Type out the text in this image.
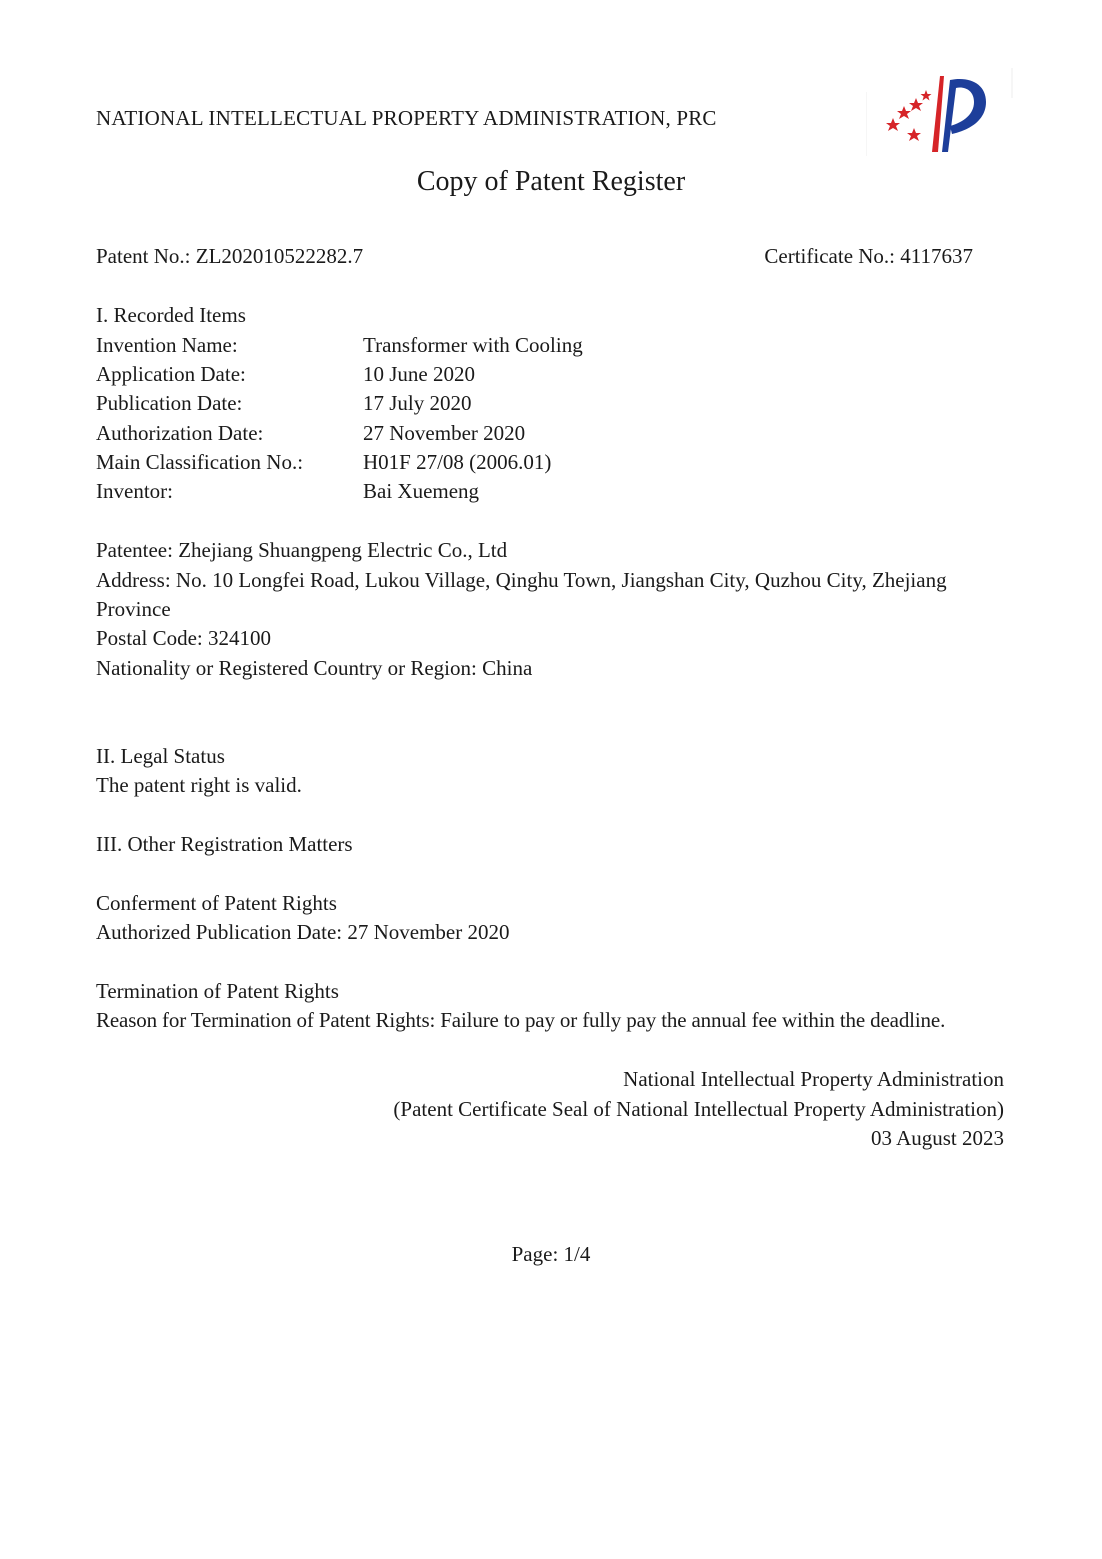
NATIONAL INTELLECTUAL PROPERTY ADMINISTRATION, PRC
Copy of Patent Register
Patent No.: ZL202010522282.7	Certificate No.: 4117637
I. Recorded Items
Invention Name:	Transformer with Cooling
Application Date:	10 June 2020
Publication Date:	17 July 2020
Authorization Date:	27 November 2020
Main Classification No.:	H01F 27/08 (2006.01)
Inventor:	Bai Xuemeng
Patentee: Zhejiang Shuangpeng Electric Co., Ltd
Address: No. 10 Longfei Road, Lukou Village, Qinghu Town, Jiangshan City, Quzhou City, Zhejiang
Province
Postal Code: 324100
Nationality or Registered Country or Region: China
II. Legal Status
The patent right is valid.
III. Other Registration Matters
Conferment of Patent Rights
Authorized Publication Date: 27 November 2020
Termination of Patent Rights
Reason for Termination of Patent Rights: Failure to pay or fully pay the annual fee within the deadline.
National Intellectual Property Administration
(Patent Certificate Seal of National Intellectual Property Administration)
03 August 2023
Page: 1/4
